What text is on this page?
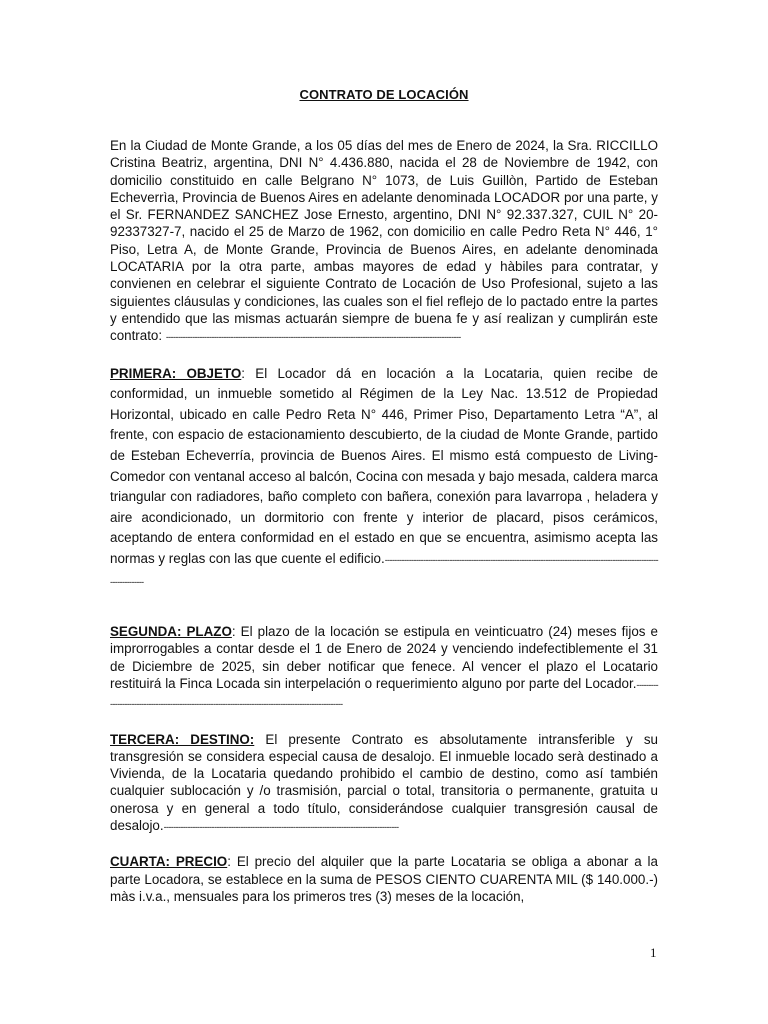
CONTRATO DE LOCACIÓN

En la Ciudad de Monte Grande, a los 05 días del mes de Enero de 2024, la Sra. RICCILLO Cristina Beatriz, argentina, DNI N° 4.436.880, nacida el 28 de Noviembre de 1942, con domicilio constituido en calle Belgrano N° 1073, de Luis Guillòn, Partido de Esteban Echeverrìa, Provincia de Buenos Aires en adelante denominada LOCADOR por una parte, y el Sr. FERNANDEZ SANCHEZ Jose Ernesto, argentino, DNI N° 92.337.327, CUIL N° 20-92337327-7, nacido el 25 de Marzo de 1962, con domicilio en calle Pedro Reta N° 446, 1° Piso, Letra A, de Monte Grande, Provincia de Buenos Aires, en adelante denominada LOCATARIA por la otra parte, ambas mayores de edad y hàbiles para contratar, y convienen en celebrar el siguiente Contrato de Locación de Uso Profesional, sujeto a las siguientes cláusulas y condiciones, las cuales son el fiel reflejo de lo pactado entre la partes y entendido que las mismas actuarán siempre de buena fe y así realizan y cumplirán este contrato: ---------------------------------------------------------------------------------------------------------------------------

PRIMERA: OBJETO: El Locador dá en locación a la Locataria, quien recibe de conformidad, un inmueble sometido al Régimen de la Ley Nac. 13.512 de Propiedad Horizontal, ubicado en calle Pedro Reta N° 446, Primer Piso, Departamento Letra “A”, al frente, con espacio de estacionamiento descubierto, de la ciudad de Monte Grande, partido de Esteban Echeverría, provincia de Buenos Aires. El mismo está compuesto de Living-Comedor con ventanal acceso al balcón, Cocina con mesada y bajo mesada, caldera marca triangular con radiadores, baño completo con bañera, conexión para lavarropa , heladera y aire acondicionado, un dormitorio con frente y interior de placard, pisos cerámicos, aceptando de entera conformidad en el estado en que se encuentra, asimismo acepta las normas y reglas con las que cuente el edificio.--------------------------------------------------------------------------------------------------------------------------------

SEGUNDA: PLAZO: El plazo de la locación se estipula en veinticuatro (24) meses fijos e improrrogables a contar desde el 1 de Enero de 2024 y venciendo indefectiblemente el 31 de Diciembre de 2025, sin deber notificar que fenece. Al vencer el plazo el Locatario restituirá la Finca Locada sin interpelación o requerimiento alguno por parte del Locador.----------------------------------------------------------------------------------------------------------

TERCERA: DESTINO: El presente Contrato es absolutamente intransferible y su transgresión se considera especial causa de desalojo. El inmueble locado serà destinado a Vivienda, de la Locataria quedando prohibido el cambio de destino, como así también cualquier sublocación y /o trasmisión, parcial o total, transitoria o permanente, gratuita u onerosa y en general a todo título, considerándose cualquier transgresión causal de desalojo.--------------------------------------------------------------------------------------------------

CUARTA: PRECIO: El precio del alquiler que la parte Locataria se obliga a abonar a la parte Locadora, se establece en la suma de PESOS CIENTO CUARENTA MIL ($ 140.000.-) màs i.v.a., mensuales para los primeros tres (3) meses de la locación,

1
